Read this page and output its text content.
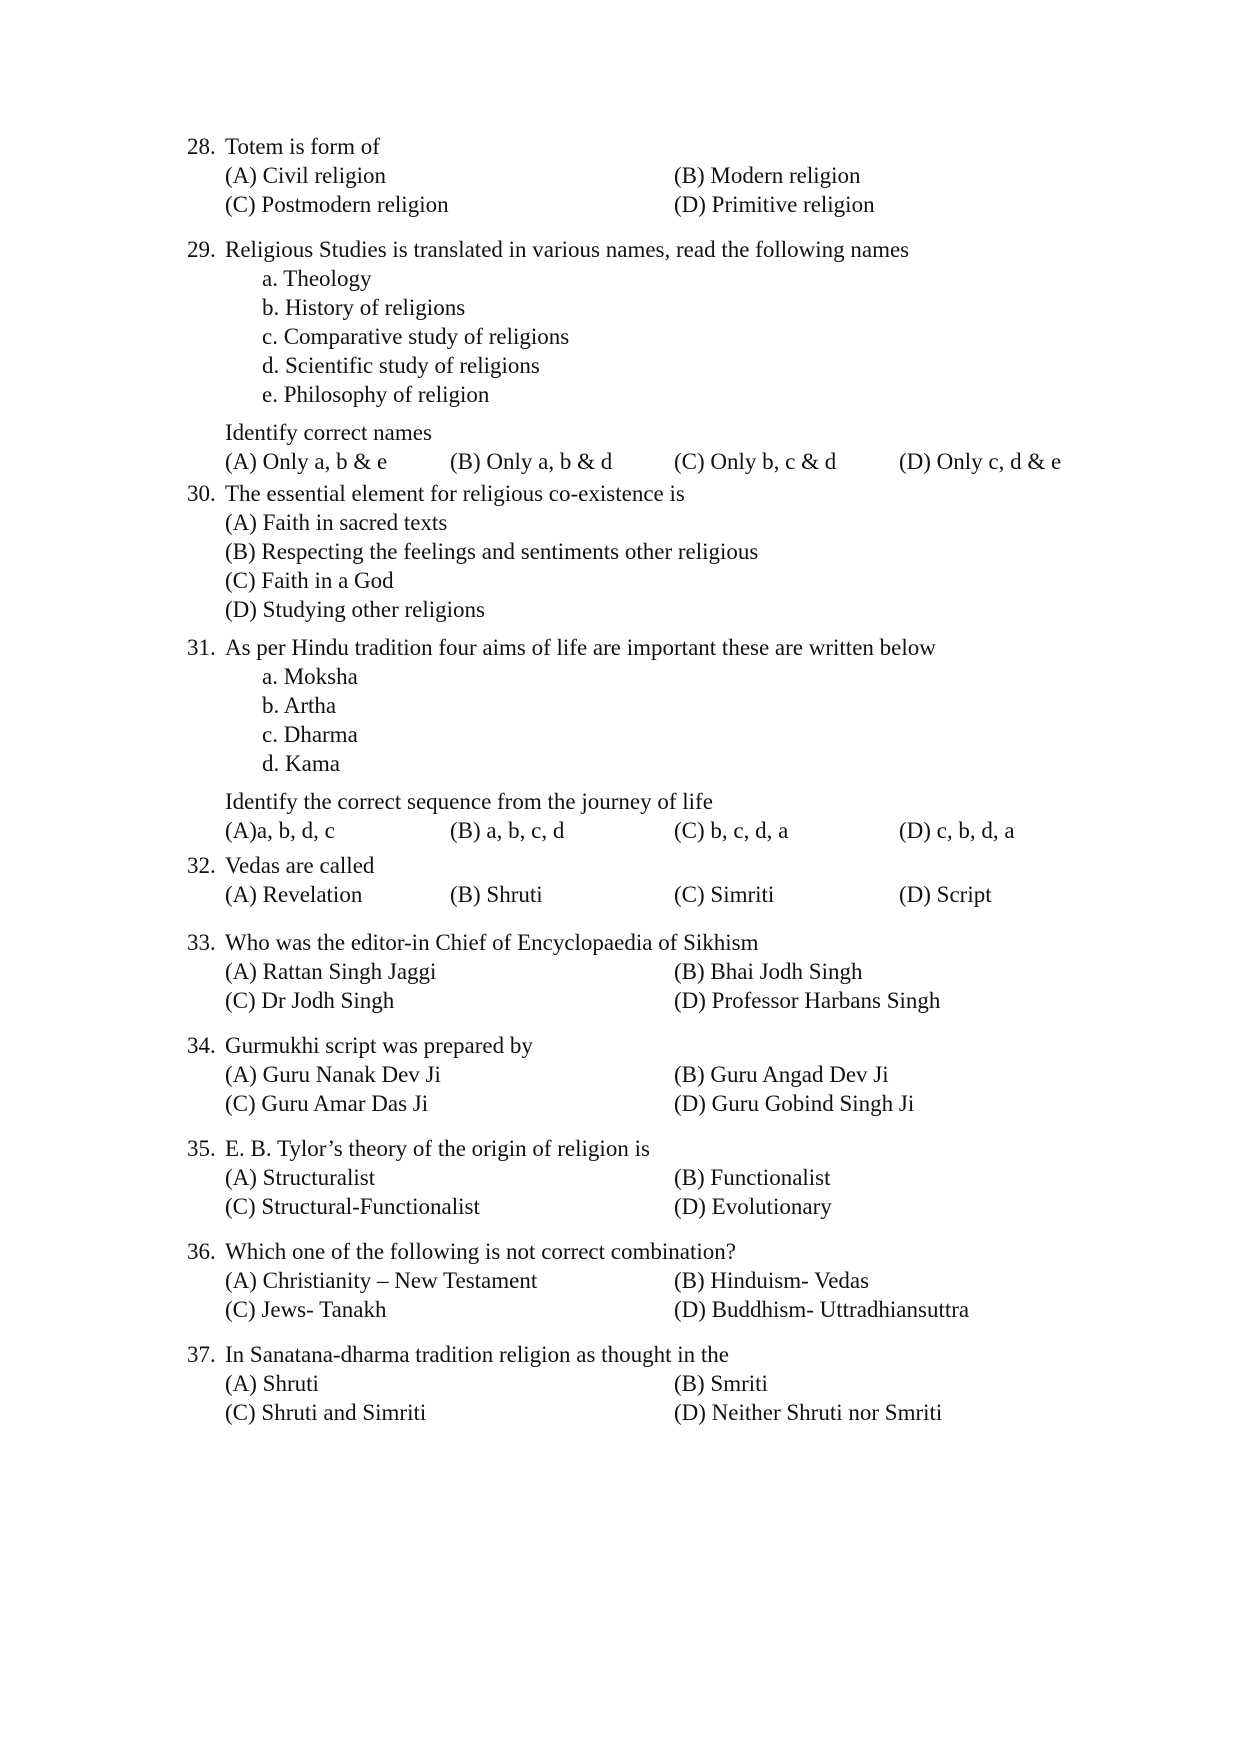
28. Totem is form of
(A) Civil religion	(B) Modern religion
(C) Postmodern religion	(D) Primitive religion
29. Religious Studies is translated in various names, read the following names
a. Theology
b. History of religions
c. Comparative study of religions
d. Scientific study of religions
e. Philosophy of religion
Identify correct names
(A) Only a, b & e	(B) Only a, b & d	(C) Only b, c & d	(D) Only c, d & e
30. The essential element for religious co-existence is
(A) Faith in sacred texts
(B) Respecting the feelings and sentiments other religious
(C) Faith in a God
(D) Studying other religions
31. As per Hindu tradition four aims of life are important these are written below
a. Moksha
b. Artha
c. Dharma
d. Kama
Identify the correct sequence from the journey of life
(A)a, b, d, c	(B) a, b, c, d	(C) b, c, d, a	(D) c, b, d, a
32. Vedas are called
(A) Revelation	(B) Shruti	(C) Simriti	(D) Script
33. Who was the editor-in Chief of Encyclopaedia of Sikhism
(A) Rattan Singh Jaggi	(B) Bhai Jodh Singh
(C) Dr Jodh Singh	(D) Professor Harbans Singh
34. Gurmukhi script was prepared by
(A) Guru Nanak Dev Ji	(B) Guru Angad Dev Ji
(C) Guru Amar Das Ji	(D) Guru Gobind Singh Ji
35. E. B. Tylor’s theory of the origin of religion is
(A) Structuralist	(B) Functionalist
(C) Structural-Functionalist	(D) Evolutionary
36. Which one of the following is not correct combination?
(A) Christianity – New Testament	(B) Hinduism- Vedas
(C) Jews- Tanakh	(D) Buddhism- Uttradhiansuttra
37. In Sanatana-dharma tradition religion as thought in the
(A) Shruti	(B) Smriti
(C) Shruti and Simriti	(D) Neither Shruti nor Smriti
